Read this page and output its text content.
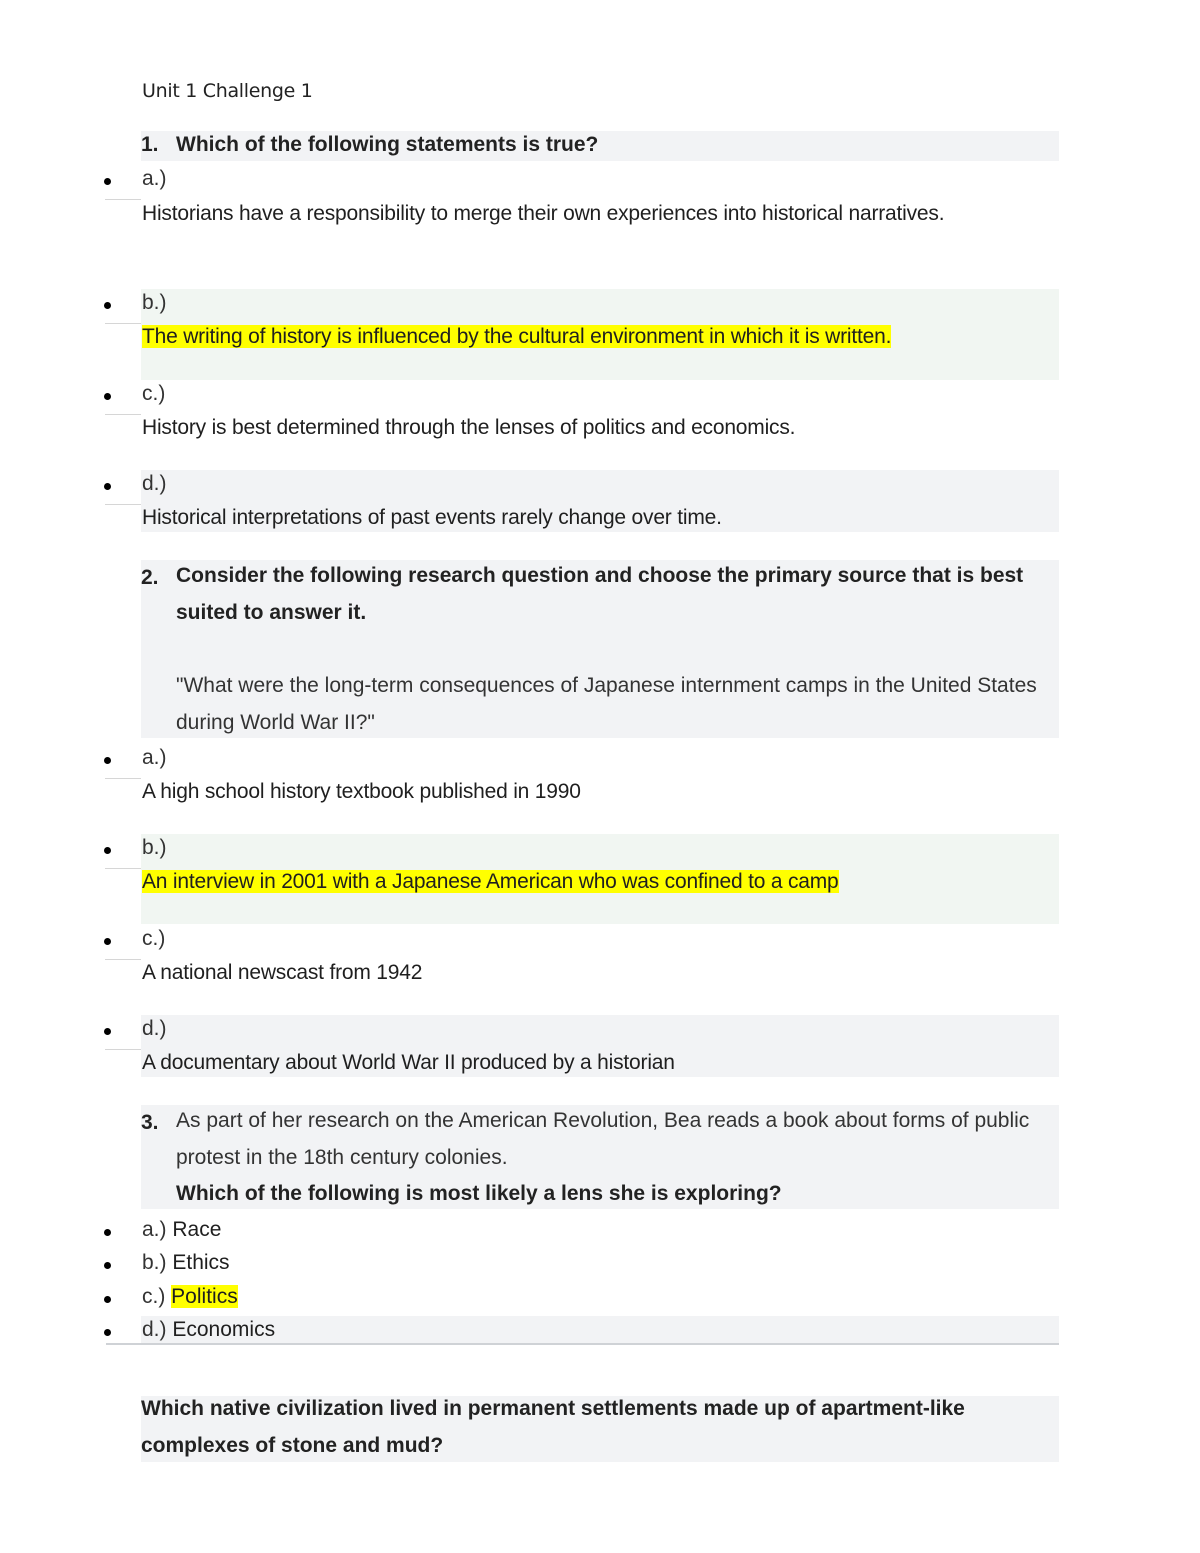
Unit 1 Challenge 1
1. Which of the following statements is true?
a.)
Historians have a responsibility to merge their own experiences into historical narratives.
b.)
The writing of history is influenced by the cultural environment in which it is written.
c.)
History is best determined through the lenses of politics and economics.
d.)
Historical interpretations of past events rarely change over time.
2. Consider the following research question and choose the primary source that is best suited to answer it.
"What were the long-term consequences of Japanese internment camps in the United States during World War II?"
a.)
A high school history textbook published in 1990
b.)
An interview in 2001 with a Japanese American who was confined to a camp
c.)
A national newscast from 1942
d.)
A documentary about World War II produced by a historian
3. As part of her research on the American Revolution, Bea reads a book about forms of public protest in the 18th century colonies.
Which of the following is most likely a lens she is exploring?
a.) Race
b.) Ethics
c.) Politics
d.) Economics
Which native civilization lived in permanent settlements made up of apartment-like complexes of stone and mud?
